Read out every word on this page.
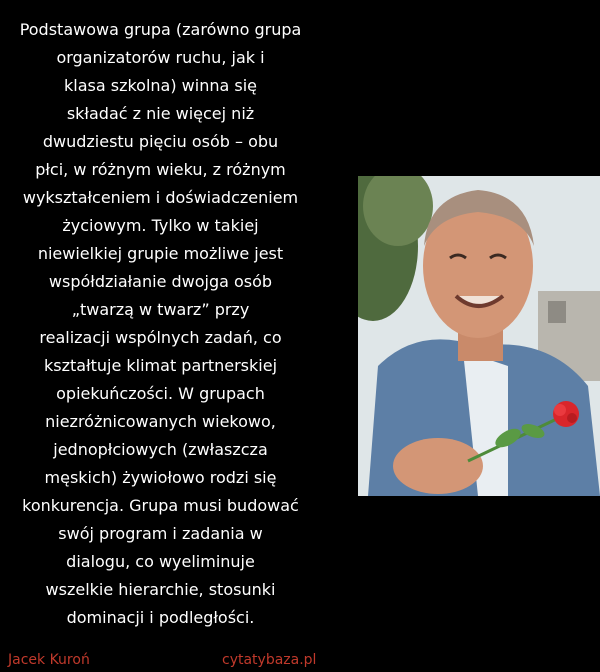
Podstawowa grupa (zarówno grupa
organizatorów ruchu, jak i
klasa szkolna) winna się
składać z nie więcej niż
dwudziestu pięciu osób – obu
płci, w różnym wieku, z różnym
wykształceniem i doświadczeniem
życiowym. Tylko w takiej
niewielkiej grupie możliwe jest
współdziałanie dwojga osób
„twarzą w twarz” przy
realizacji wspólnych zadań, co
kształtuje klimat partnerskiej
opiekuńczości. W grupach
niezróżnicowanych wiekowo,
jednopłciowych (zwłaszcza
męskich) żywiołowo rodzi się
konkurencja. Grupa musi budować
swój program i zadania w
dialogu, co wyeliminuje
wszelkie hierarchie, stosunki
dominacji i podległości.
Jacek Kuroń	cytatybaza.pl
